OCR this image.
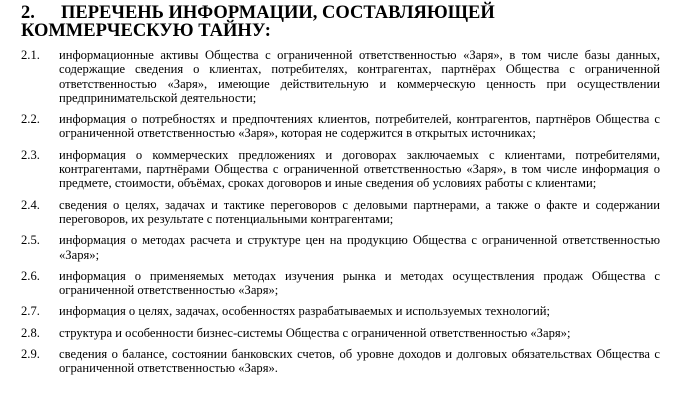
2. ПЕРЕЧЕНЬ ИНФОРМАЦИИ, СОСТАВЛЯЮЩЕЙ КОММЕРЧЕСКУЮ ТАЙНУ:
2.1.	информационные активы Общества с ограниченной ответственностью «Заря», в том числе базы данных, содержащие сведения о клиентах, потребителях, контрагентах, партнёрах Общества с ограниченной ответственностью «Заря», имеющие действительную и коммерческую ценность при осуществлении предпринимательской деятельности;
2.2.	информация о потребностях и предпочтениях клиентов, потребителей, контрагентов, партнёров Общества с ограниченной ответственностью «Заря», которая не содержится в открытых источниках;
2.3.	информация о коммерческих предложениях и договорах заключаемых с клиентами, потребителями, контрагентами, партнёрами Общества с ограниченной ответственностью «Заря», в том числе информация о предмете, стоимости, объёмах, сроках договоров и иные сведения об условиях работы с клиентами;
2.4.	сведения о целях, задачах и тактике переговоров с деловыми партнерами, а также о факте и содержании переговоров, их результате с потенциальными контрагентами;
2.5.	информация о методах расчета и структуре цен на продукцию Общества с ограниченной ответственностью «Заря»;
2.6.	информация о применяемых методах изучения рынка и методах осуществления продаж Общества с ограниченной ответственностью «Заря»;
2.7.	информация о целях, задачах, особенностях разрабатываемых и используемых технологий;
2.8.	структура и особенности бизнес-системы Общества с ограниченной ответственностью «Заря»;
2.9.	сведения о балансе, состоянии банковских счетов, об уровне доходов и долговых обязательствах Общества с ограниченной ответственностью «Заря».
